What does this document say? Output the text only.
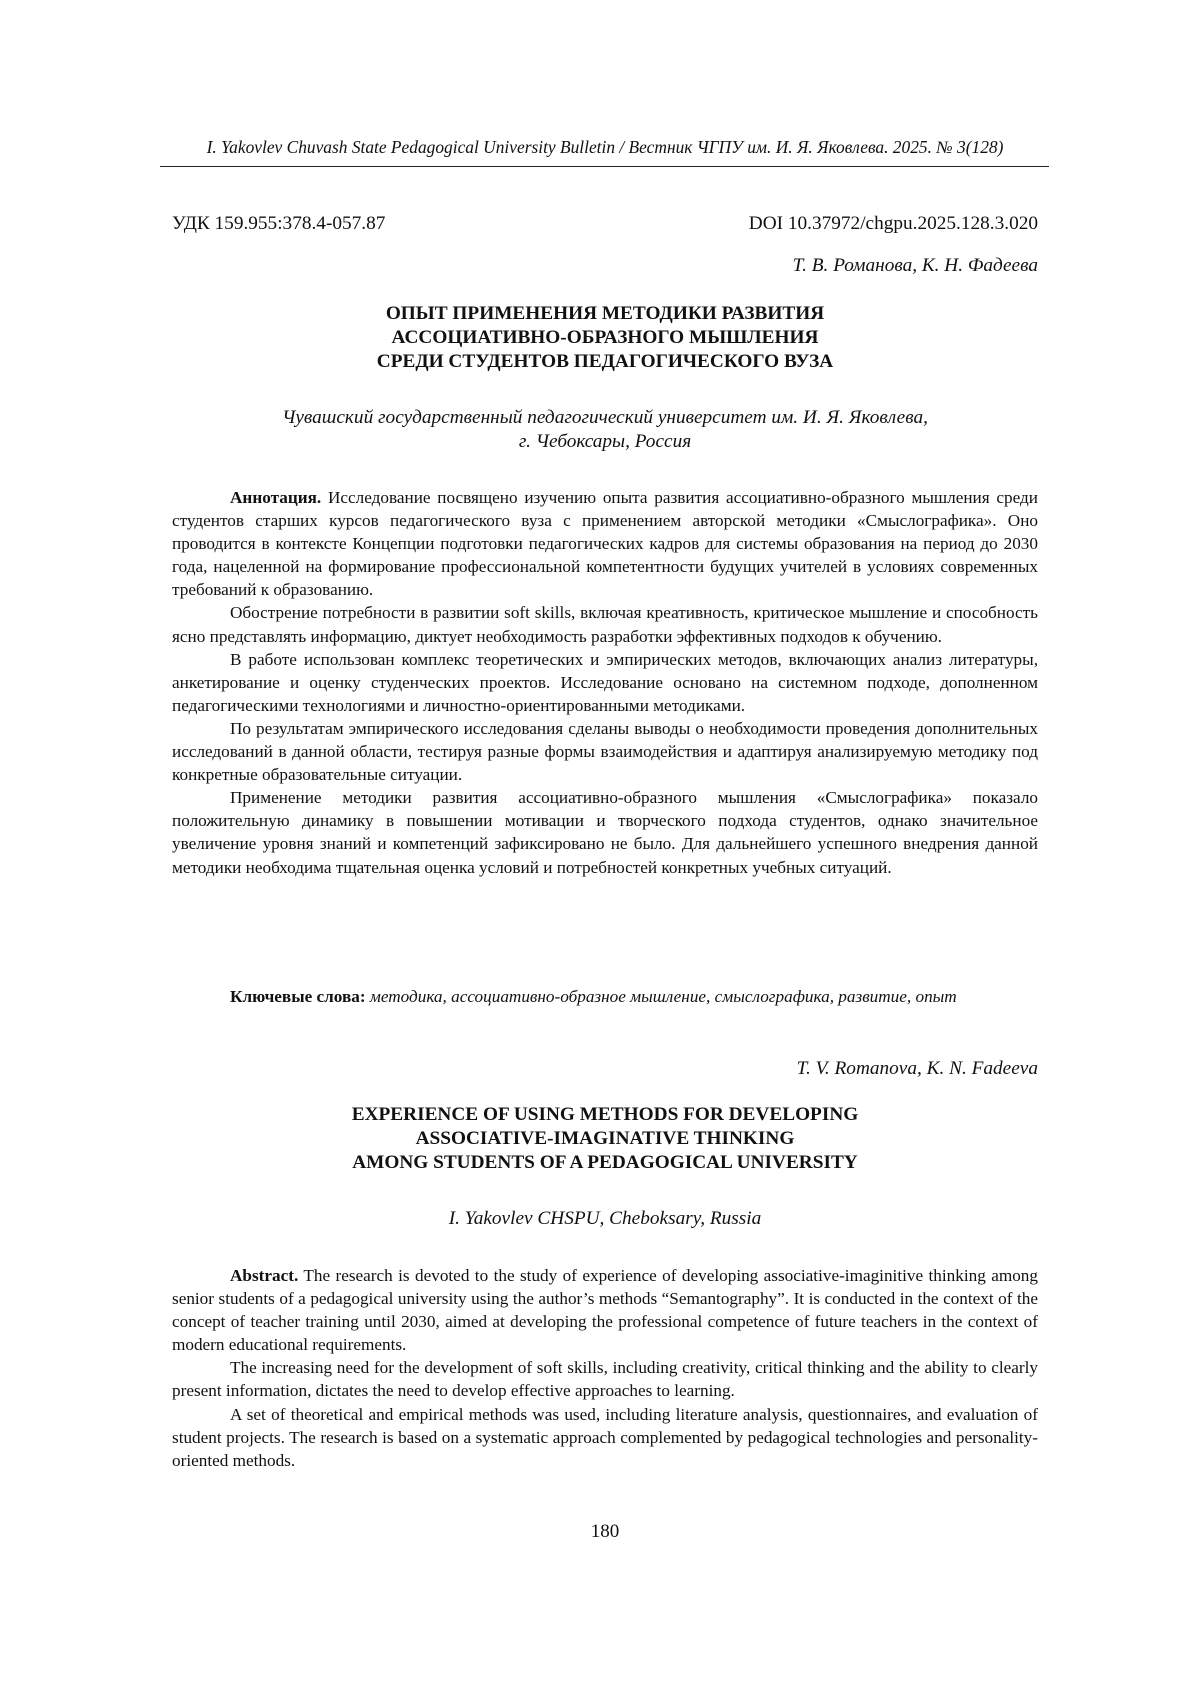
I. Yakovlev Chuvash State Pedagogical University Bulletin / Вестник ЧГПУ им. И. Я. Яковлева. 2025. № 3(128)
УДК 159.955:378.4-057.87	DOI 10.37972/chgpu.2025.128.3.020
Т. В. Романова, К. Н. Фадеева
ОПЫТ ПРИМЕНЕНИЯ МЕТОДИКИ РАЗВИТИЯ
АССОЦИАТИВНО-ОБРАЗНОГО МЫШЛЕНИЯ
СРЕДИ СТУДЕНТОВ ПЕДАГОГИЧЕСКОГО ВУЗА
Чувашский государственный педагогический университет им. И. Я. Яковлева,
г. Чебоксары, Россия

Аннотация. Исследование посвящено изучению опыта развития ассоциативно-образного мышления среди студентов старших курсов педагогического вуза с применением авторской методики «Смыслографика». Оно проводится в контексте Концепции подготовки педагогических кадров для системы образования на период до 2030 года, нацеленной на формирование профессиональной компетентности будущих учителей в условиях современных требований к образованию.

Обострение потребности в развитии soft skills, включая креативность, критическое мышление и способность ясно представлять информацию, диктует необходимость разработки эффективных подходов к обучению.

В работе использован комплекс теоретических и эмпирических методов, включающих анализ литературы, анкетирование и оценку студенческих проектов. Исследование основано на системном подходе, дополненном педагогическими технологиями и личностно-ориентированными методиками.

По результатам эмпирического исследования сделаны выводы о необходимости проведения дополнительных исследований в данной области, тестируя разные формы взаимодействия и адаптируя анализируемую методику под конкретные образовательные ситуации.

Применение методики развития ассоциативно-образного мышления «Смыслографика» показало положительную динамику в повышении мотивации и творческого подхода студентов, однако значительное увеличение уровня знаний и компетенций зафиксировано не было. Для дальнейшего успешного внедрения данной методики необходима тщательная оценка условий и потребностей конкретных учебных ситуаций.

Ключевые слова: методика, ассоциативно-образное мышление, смыслографика, развитие, опыт
T. V. Romanova, K. N. Fadeeva
EXPERIENCE OF USING METHODS FOR DEVELOPING
ASSOCIATIVE-IMAGINATIVE THINKING
AMONG STUDENTS OF A PEDAGOGICAL UNIVERSITY
I. Yakovlev CHSPU, Cheboksary, Russia

Abstract. The research is devoted to the study of experience of developing associative-imaginitive thinking among senior students of a pedagogical university using the author’s methods “Semantography”. It is conducted in the context of the concept of teacher training until 2030, aimed at developing the professional competence of future teachers in the context of modern educational requirements.

The increasing need for the development of soft skills, including creativity, critical thinking and the ability to clearly present information, dictates the need to develop effective approaches to learning.

A set of theoretical and empirical methods was used, including literature analysis, questionnaires, and evaluation of student projects. The research is based on a systematic approach complemented by pedagogical technologies and personality-oriented methods.

180
